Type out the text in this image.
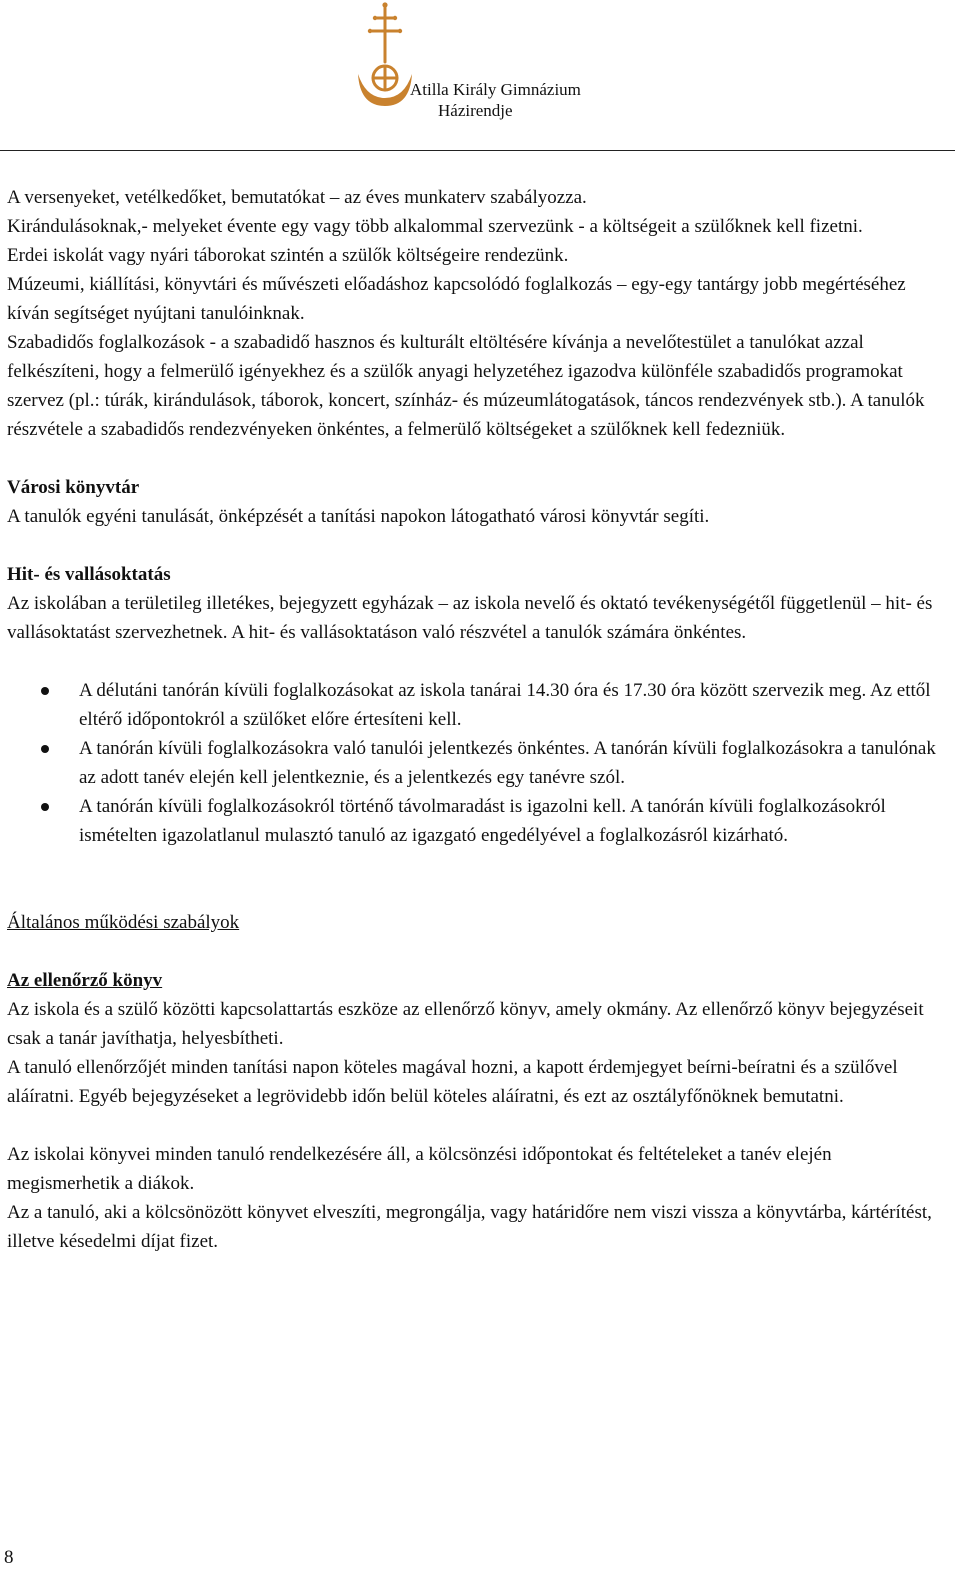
Atilla Király Gimnázium
Házirendje

A versenyeket, vetélkedőket, bemutatókat – az éves munkaterv szabályozza.

Kirándulásoknak,- melyeket évente egy vagy több alkalommal szervezünk - a költségeit a szülőknek kell fizetni.

Erdei iskolát vagy nyári táborokat szintén a szülők költségeire rendezünk.

Múzeumi, kiállítási, könyvtári és művészeti előadáshoz kapcsolódó foglalkozás – egy-egy tantárgy jobb megértéséhez kíván segítséget nyújtani tanulóinknak.

Szabadidős foglalkozások - a szabadidő hasznos és kulturált eltöltésére kívánja a nevelőtestület a tanulókat azzal felkészíteni, hogy a felmerülő igényekhez és a szülők anyagi helyzetéhez igazodva különféle szabadidős programokat szervez (pl.: túrák, kirándulások, táborok, koncert, színház- és múzeumlátogatások, táncos rendezvények stb.). A tanulók részvétele a szabadidős rendezvényeken önkéntes, a felmerülő költségeket a szülőknek kell fedezniük.

Városi könyvtár

A tanulók egyéni tanulását, önképzését a tanítási napokon látogatható városi könyvtár segíti.

Hit- és vallásoktatás

Az iskolában a területileg illetékes, bejegyzett egyházak – az iskola nevelő és oktató tevékenységétől függetlenül – hit- és vallásoktatást szervezhetnek. A hit- és vallásoktatáson való részvétel a tanulók számára önkéntes.

A délutáni tanórán kívüli foglalkozásokat az iskola tanárai 14.30 óra és 17.30 óra között szervezik meg. Az ettől eltérő időpontokról a szülőket előre értesíteni kell.
A tanórán kívüli foglalkozásokra való tanulói jelentkezés önkéntes. A tanórán kívüli foglalkozásokra a tanulónak az adott tanév elején kell jelentkeznie, és a jelentkezés egy tanévre szól.
A tanórán kívüli foglalkozásokról történő távolmaradást is igazolni kell. A tanórán kívüli foglalkozásokról ismételten igazolatlanul mulasztó tanuló az igazgató engedélyével a foglalkozásról kizárható.

Általános működési szabályok

Az ellenőrző könyv

Az iskola és a szülő közötti kapcsolattartás eszköze az ellenőrző könyv, amely okmány. Az ellenőrző könyv bejegyzéseit csak a tanár javíthatja, helyesbítheti.

A tanuló ellenőrzőjét minden tanítási napon köteles magával hozni, a kapott érdemjegyet beírni-beíratni és a szülővel aláíratni. Egyéb bejegyzéseket a legrövidebb időn belül köteles aláíratni, és ezt az osztályfőnöknek bemutatni.

Az iskolai könyvei minden tanuló rendelkezésére áll, a kölcsönzési időpontokat és feltételeket a tanév elején megismerhetik a diákok.

Az a tanuló, aki a kölcsönözött könyvet elveszíti, megrongálja, vagy határidőre nem viszi vissza a könyvtárba, kártérítést, illetve késedelmi díjat fizet.

8
